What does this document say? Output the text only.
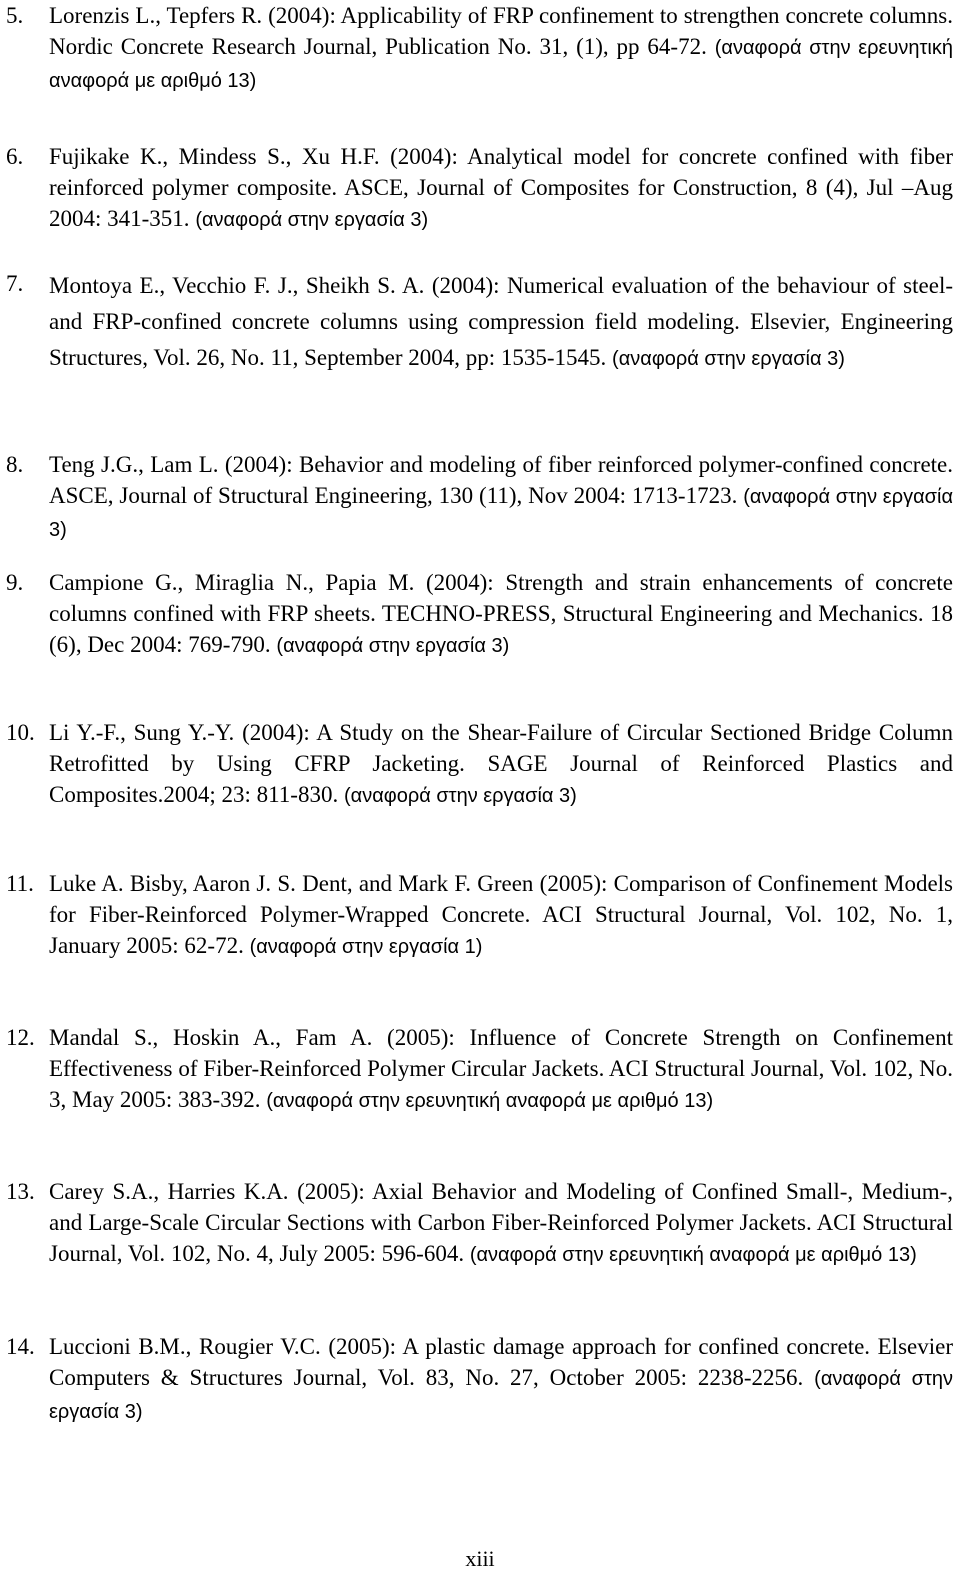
5.	Lorenzis L., Tepfers R. (2004): Applicability of FRP confinement to strengthen concrete columns. Nordic Concrete Research Journal, Publication No. 31, (1), pp 64-72. (αναφορά στην ερευνητική αναφορά με αριθμό 13)
6.	Fujikake K., Mindess S., Xu H.F. (2004): Analytical model for concrete confined with fiber reinforced polymer composite. ASCE, Journal of Composites for Construction, 8 (4), Jul –Aug 2004: 341-351. (αναφορά στην εργασία 3)
7.	Montoya E., Vecchio F. J., Sheikh S. A. (2004): Numerical evaluation of the behaviour of steel- and FRP-confined concrete columns using compression field modeling. Elsevier, Engineering Structures, Vol. 26, No. 11, September 2004, pp: 1535-1545. (αναφορά στην εργασία 3)
8.	Teng J.G., Lam L. (2004): Behavior and modeling of fiber reinforced polymer-confined concrete. ASCE, Journal of Structural Engineering, 130 (11), Nov 2004: 1713-1723. (αναφορά στην εργασία 3)
9.	Campione G., Miraglia N., Papia M. (2004): Strength and strain enhancements of concrete columns confined with FRP sheets. TECHNO-PRESS, Structural Engineering and Mechanics. 18 (6), Dec 2004: 769-790. (αναφορά στην εργασία 3)
10. Li Y.-F., Sung Y.-Y. (2004): A Study on the Shear-Failure of Circular Sectioned Bridge Column Retrofitted by Using CFRP Jacketing. SAGE Journal of Reinforced Plastics and Composites.2004; 23: 811-830. (αναφορά στην εργασία 3)
11. Luke A. Bisby, Aaron J. S. Dent, and Mark F. Green (2005): Comparison of Confinement Models for Fiber-Reinforced Polymer-Wrapped Concrete. ACI Structural Journal, Vol. 102, No. 1, January 2005: 62-72. (αναφορά στην εργασία 1)
12. Mandal S., Hoskin A., Fam A. (2005): Influence of Concrete Strength on Confinement Effectiveness of Fiber-Reinforced Polymer Circular Jackets. ACI Structural Journal, Vol. 102, No. 3, May 2005: 383-392. (αναφορά στην ερευνητική αναφορά με αριθμό 13)
13. Carey S.A., Harries K.A. (2005): Axial Behavior and Modeling of Confined Small-, Medium-, and Large-Scale Circular Sections with Carbon Fiber-Reinforced Polymer Jackets. ACI Structural Journal, Vol. 102, No. 4, July 2005: 596-604. (αναφορά στην ερευνητική αναφορά με αριθμό 13)
14. Luccioni B.M., Rougier V.C. (2005): A plastic damage approach for confined concrete. Elsevier Computers & Structures Journal, Vol. 83, No. 27, October 2005: 2238-2256. (αναφορά στην εργασία 3)
xiii
